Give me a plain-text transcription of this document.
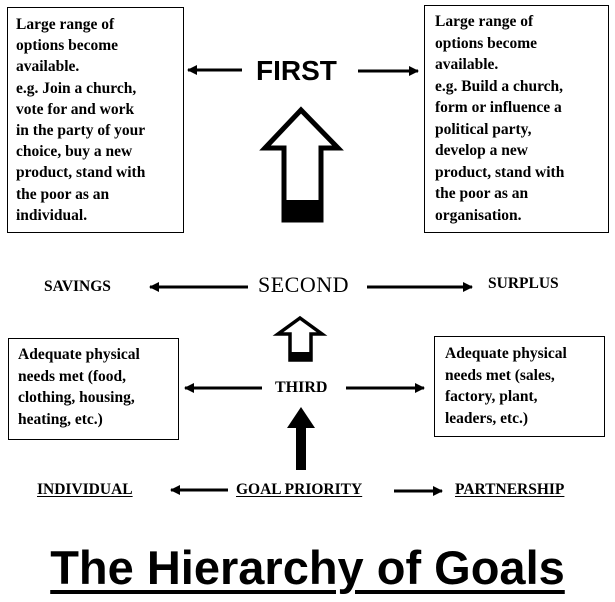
FIRST
Large range of
options become
available.
e.g. Join a church,
vote for and work
in the party of your
choice, buy a new
product, stand with
the poor as an
individual.
Large range of
options become
available.
e.g. Build a church,
form or influence a
political party,
develop a new
product, stand with
the poor as an
organisation.
SAVINGS	SECOND	SURPLUS
Adequate physical
needs met (food,
clothing, housing,
heating, etc.)
Adequate physical
needs met (sales,
factory, plant,
leaders, etc.)
THIRD
INDIVIDUAL	GOAL PRIORITY	PARTNERSHIP
The Hierarchy of Goals
